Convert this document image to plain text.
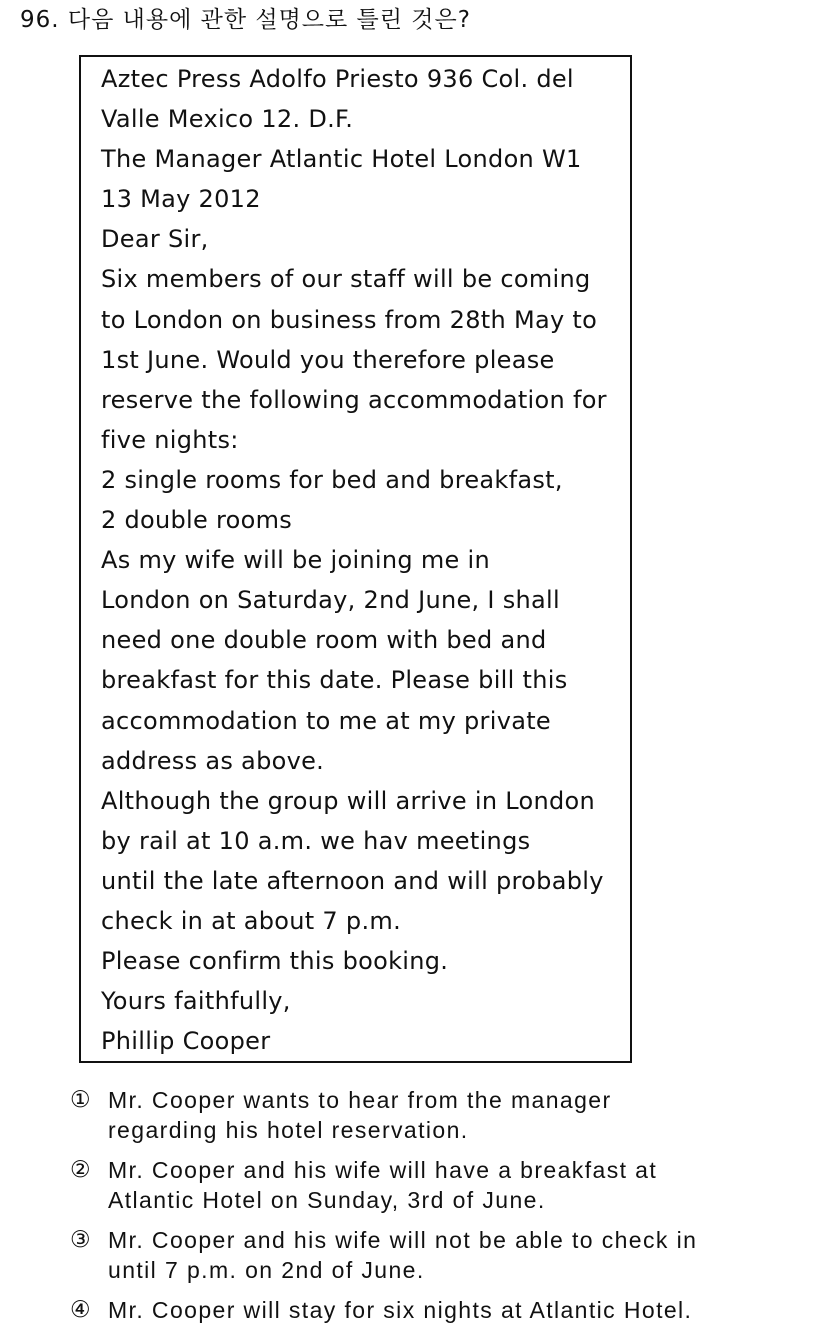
96. 다음 내용에 관한 설명으로 틀린 것은?
Aztec Press Adolfo Priesto 936 Col. del
Valle Mexico 12. D.F.
The Manager Atlantic Hotel London W1
13 May 2012
Dear Sir,
Six members of our staff will be coming
to London on business from 28th May to
1st June. Would you therefore please
reserve the following accommodation for
five nights:
2 single rooms for bed and breakfast,
2 double rooms
As my wife will be joining me in
London on Saturday, 2nd June, I shall
need one double room with bed and
breakfast for this date. Please bill this
accommodation to me at my private
address as above.
Although the group will arrive in London
by rail at 10 a.m. we hav meetings
until the late afternoon and will probably
check in at about 7 p.m.
Please confirm this booking.
Yours faithfully,
Phillip Cooper
① Mr. Cooper wants to hear from the manager
regarding his hotel reservation.
② Mr. Cooper and his wife will have a breakfast at
Atlantic Hotel on Sunday, 3rd of June.
③ Mr. Cooper and his wife will not be able to check in
until 7 p.m. on 2nd of June.
④ Mr. Cooper will stay for six nights at Atlantic Hotel.
